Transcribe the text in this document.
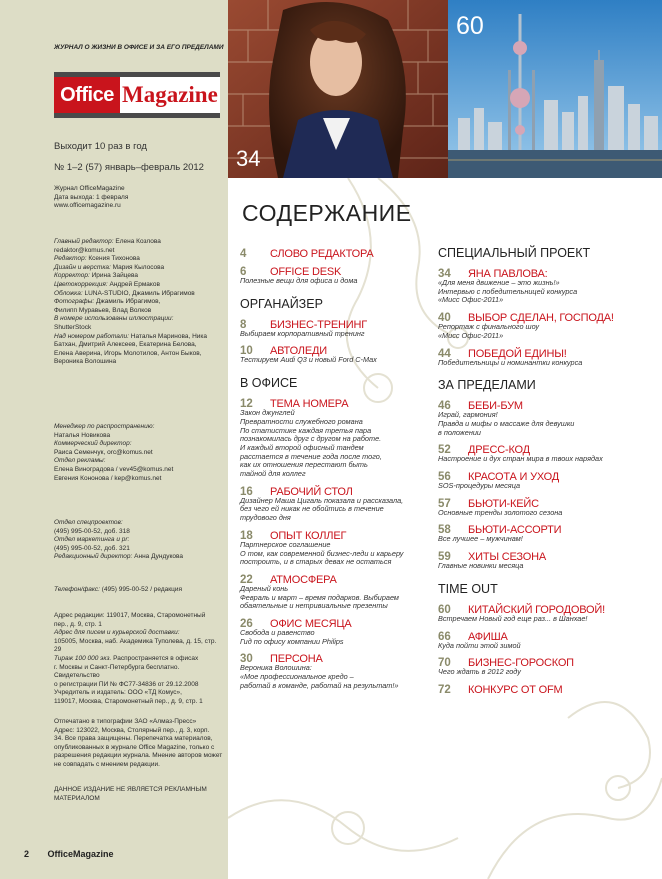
ЖУРНАЛ О ЖИЗНИ В ОФИСЕ И ЗА ЕГО ПРЕДЕЛАМИ
Office Magazine
Выходит 10 раз в год
№ 1–2 (57) январь–февраль 2012
Журнал OfficeMagazine
Дата выхода: 1 февраля
www.officemagazine.ru
Главный редактор: Елена Козлова
redaktor@komus.net
Редактор: Ксения Тихонова
Дизайн и верстка: Мария Кылосова
Корректор: Ирина Зайцева
Цветокоррекция: Андрей Ермаков
Обложка: LUNA-STUDIO, Джамиль Ибрагимов
Фотографы: Джамиль Ибрагимов,
Филипп Муравьев, Влад Волков
В номере использованы иллюстрации:
ShutterStock
Над номером работали: Наталья Маринова, Ника
Батхан, Дмитрий Алексеев, Екатерина Белова,
Елена Аверина, Игорь Молотилов, Антон Быков,
Вероника Волошина
Менеджер по распространению:
Наталья Новикова
Коммерческий директор:
Раиса Семенчук, orc@komus.net
Отдел рекламы:
Елена Виноградова / vev45@komus.net
Евгения Кононова / kep@komus.net
Отдел спецпроектов:
(495) 995-00-52, доб. 318
Отдел маркетинга и pr:
(495) 995-00-52, доб. 321
Редакционный директор: Анна Дундукова
Телефон/факс: (495) 995-00-52 / редакция
Адрес редакции: 119017, Москва, Старомонетный
пер., д. 9, стр. 1
Адрес для писем и курьерской доставки:
105005, Москва, наб. Академика Туполева, д. 15, стр. 29
Тираж 100 000 экз. Распространяется в офисах
г. Москвы и Санкт-Петербурга бесплатно. Свидетельство
о регистрации ПИ № ФС77-34836 от 29.12.2008
Учредитель и издатель: ООО «ТД Комус»,
119017, Москва, Старомонетный пер., д. 9, стр. 1
Отпечатано в типографии ЗАО «Алмаз-Пресс»
Адрес: 123022, Москва, Столярный пер., д. 3, корп.
34. Все права защищены. Перепечатка материалов,
опубликованных в журнале Office Magazine, только с
разрешения редакции журнала. Мнение авторов может
не совпадать с мнением редакции.
ДАННОЕ ИЗДАНИЕ НЕ ЯВЛЯЕТСЯ РЕКЛАМНЫМ
МАТЕРИАЛОМ
2 OfficeMagazine
34
60
СОДЕРЖАНИЕ
4 СЛОВО РЕДАКТОРА
6 OFFICE DESK
Полезные вещи для офиса и дома
ОРГАНАЙЗЕР
8 БИЗНЕС-ТРЕНИНГ
Выбираем корпоративный тренинг
10 АВТОЛЕДИ
Тестируем Audi Q3 и новый Ford C-Max
В ОФИСЕ
12 ТЕМА НОМЕРА
Закон джунглей
Превратности служебного романа
По статистике каждая третья пара
познакомилась друг с другом на работе.
И каждый второй офисный тандем
расстается в течение года после того,
как их отношения перестают быть
тайной для коллег
16 РАБОЧИЙ СТОЛ
Дизайнер Маша Цигаль показала и рассказала,
без чего ей никак не обойтись в течение
трудового дня
18 ОПЫТ КОЛЛЕГ
Партнерское соглашение
О том, как современной бизнес-леди и карьеру
построить, и в старых девах не остаться
22 АТМОСФЕРА
Дареный конь
Февраль и март – время подарков. Выбираем
обаятельные и нетривиальные презенты
26 ОФИС МЕСЯЦА
Свобода и равенство
Гид по офису компании Philips
30 ПЕРСОНА
Вероника Волошина:
«Мое профессиональное кредо –
работай в команде, работай на результат!»
СПЕЦИАЛЬНЫЙ ПРОЕКТ
34 ЯНА ПАВЛОВА:
«Для меня движение – это жизнь!»
Интервью с победительницей конкурса
«Мисс Офис-2011»
40 ВЫБОР СДЕЛАН, ГОСПОДА!
Репортаж с финального шоу
«Мисс Офис-2011»
44 ПОБЕДОЙ ЕДИНЫ!
Победительницы и номинантки конкурса
ЗА ПРЕДЕЛАМИ
46 БЕБИ-БУМ
Играй, гармония!
Правда и мифы о массаже для девушки
в положении
52 ДРЕСС-КОД
Настроение и дух стран мира в твоих нарядах
56 КРАСОТА И УХОД
SOS-процедуры месяца
57 БЬЮТИ-КЕЙС
Основные тренды золотого сезона
58 БЬЮТИ-АССОРТИ
Все лучшее – мужчинам!
59 ХИТЫ СЕЗОНА
Главные новинки месяца
TIME OUT
60 КИТАЙСКИЙ ГОРОДОВОЙ!
Встречаем Новый год еще раз... в Шанхае!
66 АФИША
Куда пойти этой зимой
70 БИЗНЕС-ГОРОСКОП
Чего ждать в 2012 году
72 КОНКУРС ОТ OFM
